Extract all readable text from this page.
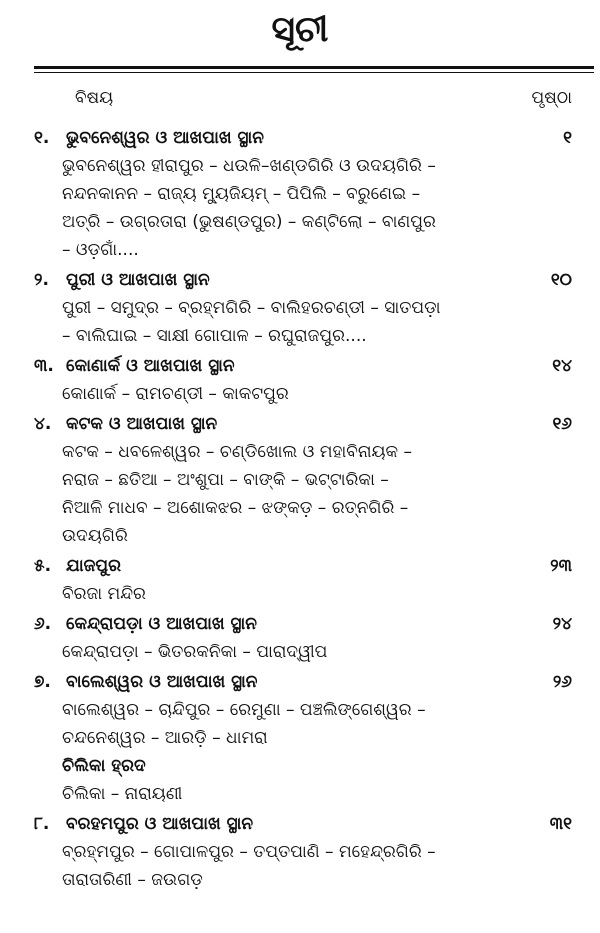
ସୂଚୀ
ବିଷୟ	ପୃଷ୍ଠା
୧. ଭୁବନେଶ୍ୱର ଓ ଆଖପାଖ ସ୍ଥାନ	୧
ଭୁବନେଶ୍ୱର ହୀରାପୁର – ଧଉଳି–ଖଣ୍ଡଗିରି ଓ ଉଦୟଗିରି –
ନନ୍ଦନକାନନ – ରାଜ୍ୟ ମ୍ୟୁଜିୟମ୍ – ପିପିଲି – ବରୁଣେଇ –
ଅତ୍ରି – ଉଗ୍ରତାରା (ଭୁଷଣ୍ଡପୁର) – କଣ୍ଟିଲୋ – ବାଣପୁର
– ଓଡ଼ଗାଁ....
୨.	ପୁରୀ ଓ ଆଖପାଖ ସ୍ଥାନ	୧୦
ପୁରୀ – ସମୁଦ୍ର – ବ୍ରହ୍ମଗିରି – ବାଲିହରଚଣ୍ଡୀ – ସାତପଡ଼ା
– ବାଲିଘାଇ – ସାକ୍ଷୀ ଗୋପାଳ – ରଘୁରାଜପୁର....
୩. କୋଣାର୍କ ଓ ଆଖପାଖ ସ୍ଥାନ	୧୪
କୋଣାର୍କ – ରାମଚଣ୍ଡୀ – କାକଟପୁର
୪. କଟକ ଓ ଆଖପାଖ ସ୍ଥାନ	୧୬
କଟକ – ଧବଳେଶ୍ୱର – ଚଣ୍ଡିଖୋଲ ଓ ମହାବିନାୟକ –
ନରାଜ – ଛତିଆ – ଅଂଶୁପା – ବାଙ୍କି – ଭଟ୍ଟାରିକା –
ନିଆଳି ମାଧବ – ଅଶୋକଝର – ଝଙ୍କଡ଼ – ରତ୍ନଗିରି –
ଉଦୟଗିରି
୫. ଯାଜପୁର	୨୩
ବିରଜା ମନ୍ଦିର
୬. କେନ୍ଦ୍ରାପଡ଼ା ଓ ଆଖପାଖ ସ୍ଥାନ	୨୪
କେନ୍ଦ୍ରାପଡ଼ା – ଭିତରକନିକା – ପାରାଦ୍ୱୀପ
୭. ବାଲେଶ୍ୱର ଓ ଆଖପାଖ ସ୍ଥାନ	୨୬
ବାଲେଶ୍ୱର – ଚାନ୍ଦିପୁର – ରେମୁଣା – ପଞ୍ଚଲିଙ୍ଗେଶ୍ୱର –
ଚନ୍ଦନେଶ୍ୱର – ଆରଡ଼ି – ଧାମରା
ଚିଲିକା ହ୍ରଦ
ଚିଲିକା – ନାରାୟଣୀ
୮. ବରହମପୁର ଓ ଆଖପାଖ ସ୍ଥାନ	୩୧
ବ୍ରହ୍ମପୁର – ଗୋପାଳପୁର – ତପ୍ତପାଣି – ମହେନ୍ଦ୍ରଗିରି –
ତାରାତାରିଣୀ – ଜଉଗଡ଼
